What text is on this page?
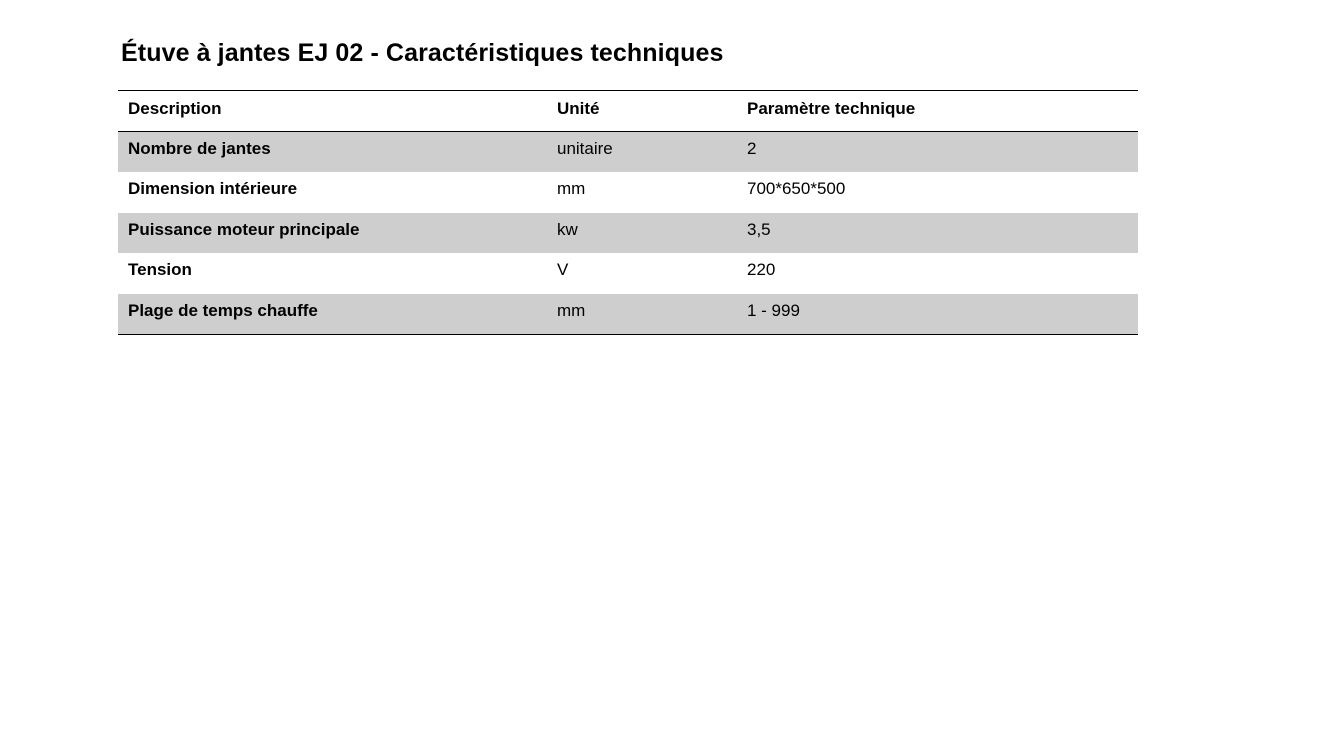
Étuve à jantes EJ 02 - Caractéristiques techniques
Description	Unité	Paramètre technique
Nombre de jantes	unitaire	2
Dimension intérieure	mm	700*650*500
Puissance moteur principale	kw	3,5
Tension	V	220
Plage de temps chauffe	mm	1 - 999
